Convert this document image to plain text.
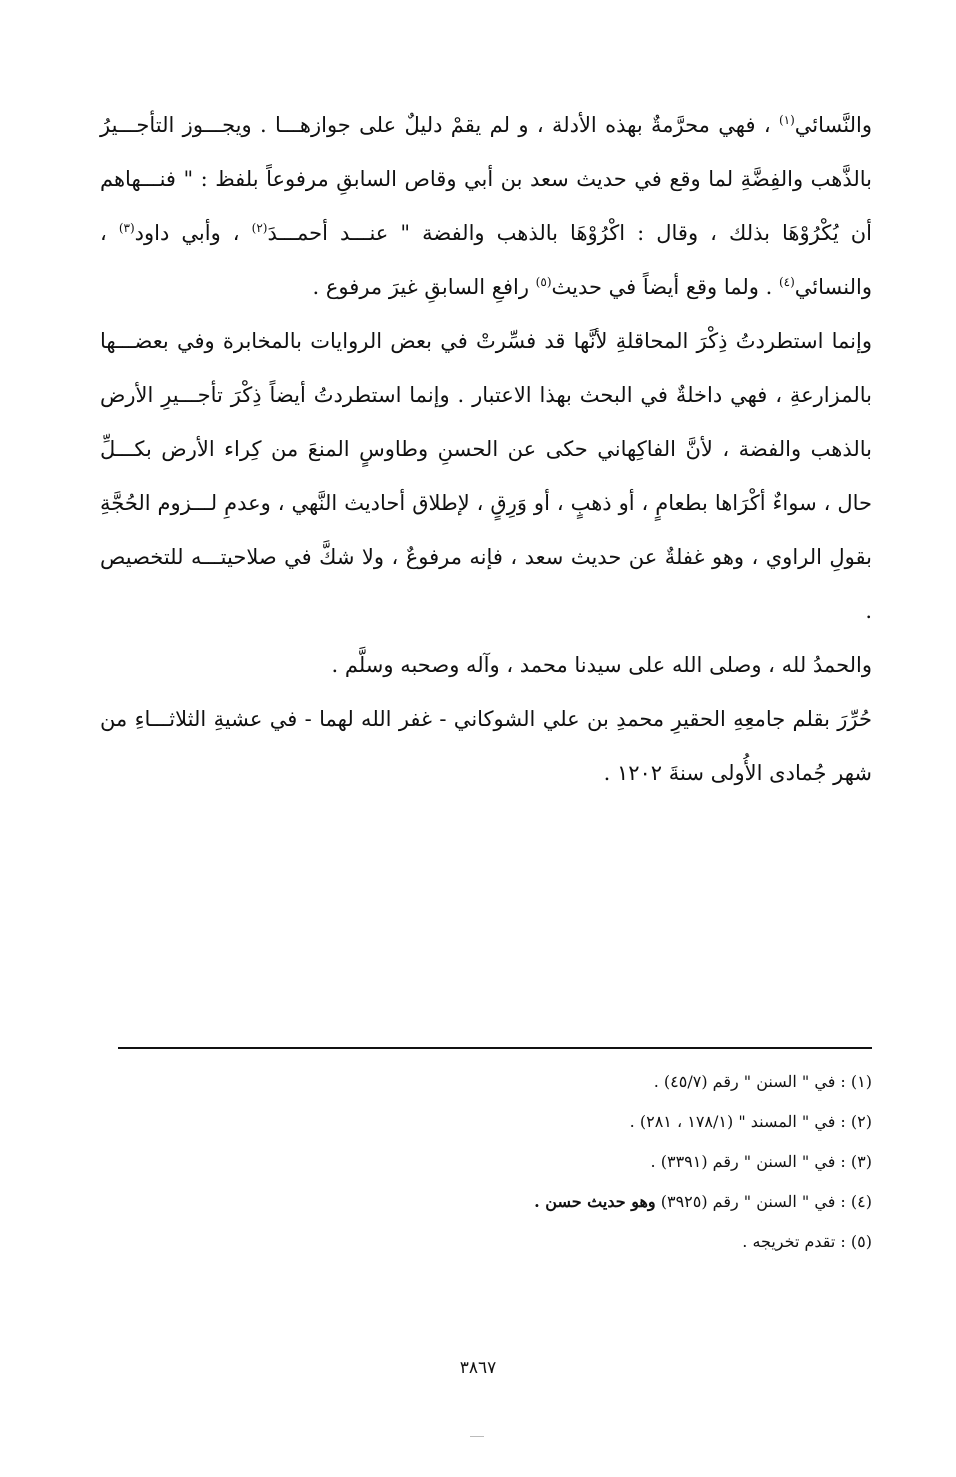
والنَّسائي$^{(١)}$ ، فهي محرَّمةٌ بهذه الأدلة ، و لم يقمْ دليلٌ على جوازهـــا . ويجـــوز التأجـــيرُ بالذَّهب والفِضَّةِ لما وقع في حديث سعد بن أبي وقاص السابقِ مرفوعاً بلفظ : " فنـــهاهم أن يُكْرُوْهَا بذلك ، وقال : اكْرُوْهَا بالذهب والفضة " عنـــد أحمـــدَ$^{(٢)}$ ، وأبي داود$^{(٣)}$ ، والنسائي$^{(٤)}$ . ولما وقع أيضاً في حديث$^{(٥)}$ رافعِ السابقِ غيرَ مرفوع .

وإنما استطردتُ ذِكْرَ المحاقلةِ لأنَّها قد فسِّرتْ في بعض الروايات بالمخابرة وفي بعضـــها بالمزارعةِ ، فهي داخلةٌ في البحث بهذا الاعتبار . وإنما استطردتُ أيضاً ذِكْرَ تأجـــيرِ الأرض بالذهب والفضة ، لأنَّ الفاكِهاني حكى عن الحسنِ وطاوسٍ المنعَ من كِراء الأرض بكـــلِّ حال ، سواءٌ أكْرَاها بطعامٍ ، أو ذهبٍ ، أو وَرِقٍ ، لإطلاق أحاديث النَّهي ، وعدمِ لـــزوم الحُجَّةِ بقولِ الراوي ، وهو غفلةٌ عن حديث سعد ، فإنه مرفوعٌ ، ولا شكَّ في صلاحيتـــه للتخصيص .

والحمدُ لله ، وصلى الله على سيدنا محمد ، وآله وصحبه وسلَّم .

حُرِّرَ بقلم جامعِهِ الحقيرِ محمدِ بن علي الشوكاني - غفر الله لهما - في عشيةِ الثلاثـــاءِ من شهر جُمادى الأُولى سنةَ ١٢٠٢ .

(١) : في " السنن " رقم (٤٥/٧) .
(٢) : في " المسند " (١٧٨/١ ، ٢٨١) .
(٣) : في " السنن " رقم (٣٣٩١) .
(٤) : في " السنن " رقم (٣٩٢٥) وهو حديث حسن .
(٥) : تقدم تخريجه .
٣٨٦٧
